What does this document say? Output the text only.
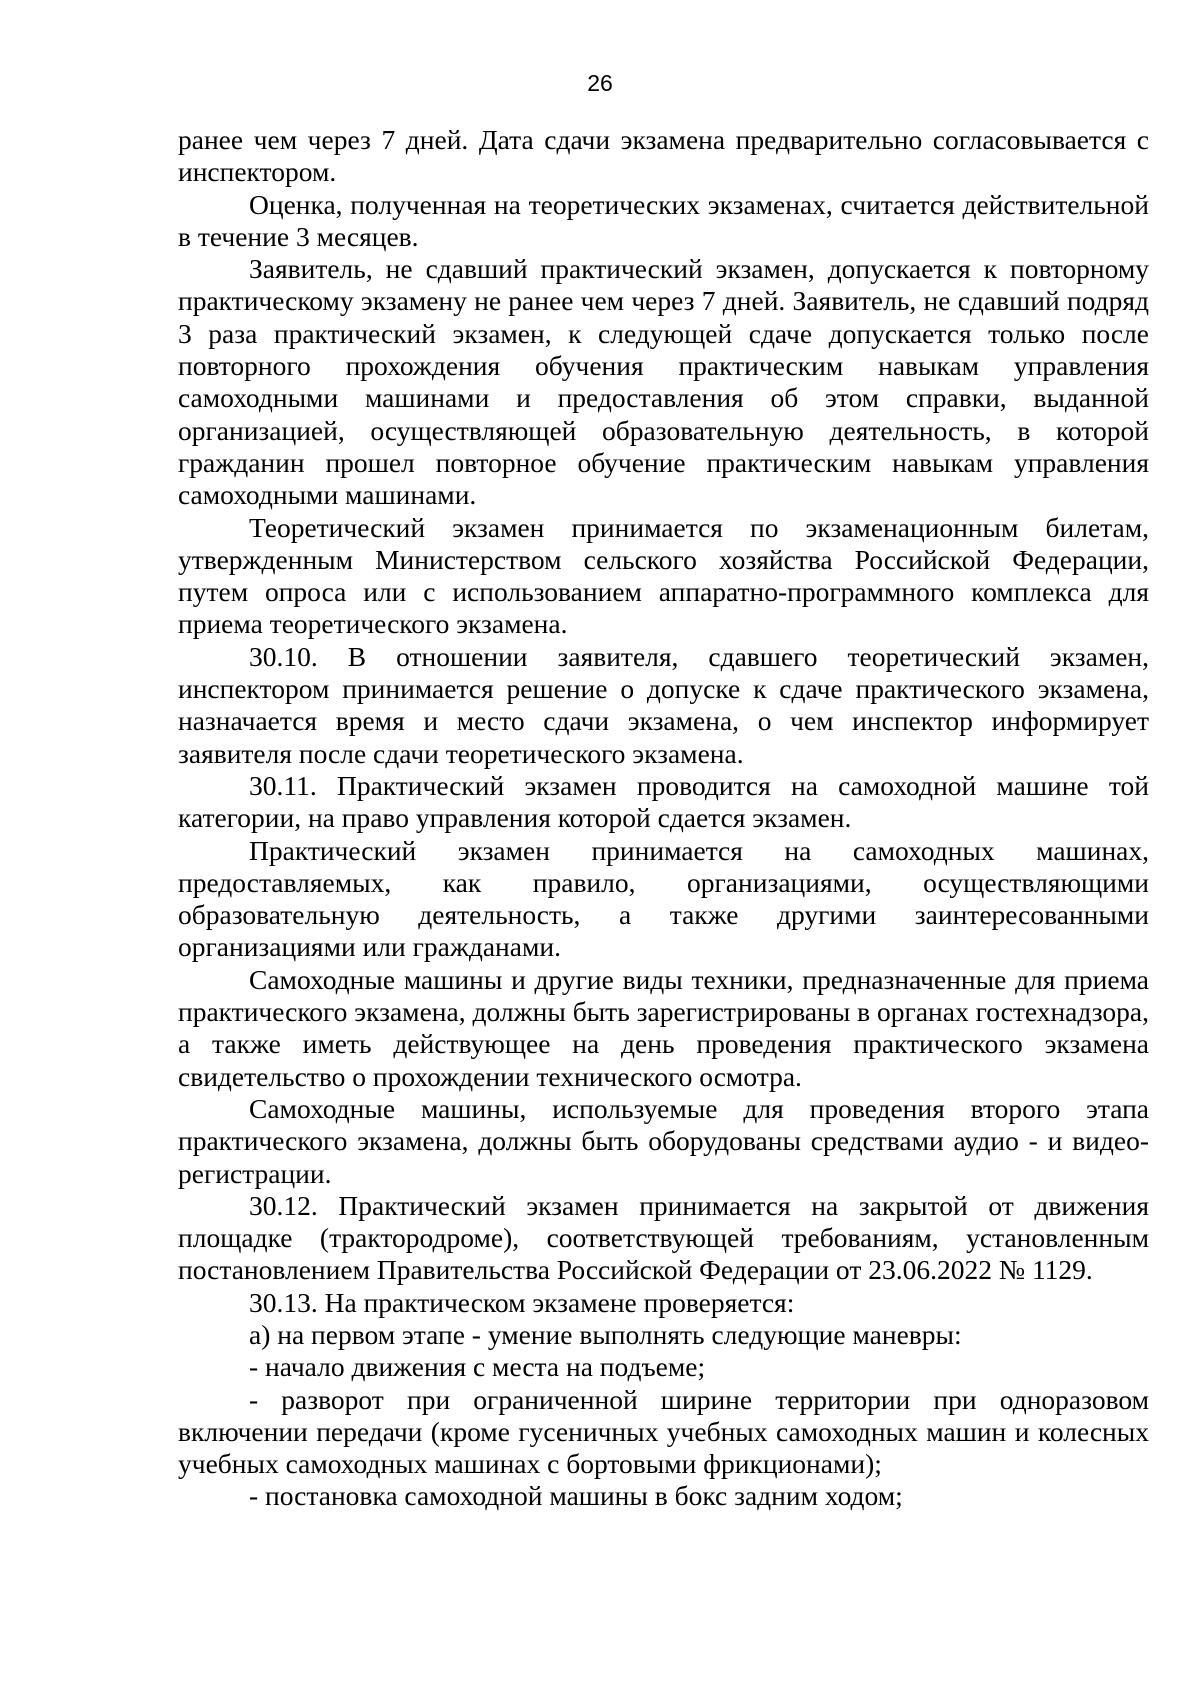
26

ранее чем через 7 дней. Дата сдачи экзамена предварительно согласовывается с инспектором.

Оценка, полученная на теоретических экзаменах, считается действительной в течение 3 месяцев.

Заявитель, не сдавший практический экзамен, допускается к повторному практическому экзамену не ранее чем через 7 дней. Заявитель, не сдавший подряд 3 раза практический экзамен, к следующей сдаче допускается только после повторного прохождения обучения практическим навыкам управления самоходными машинами и предоставления об этом справки, выданной организацией, осуществляющей образовательную деятельность, в которой гражданин прошел повторное обучение практическим навыкам управления самоходными машинами.

Теоретический экзамен принимается по экзаменационным билетам, утвержденным Министерством сельского хозяйства Российской Федерации, путем опроса или с использованием аппаратно-программного комплекса для приема теоретического экзамена.

30.10. В отношении заявителя, сдавшего теоретический экзамен, инспектором принимается решение о допуске к сдаче практического экзамена, назначается время и место сдачи экзамена, о чем инспектор информирует заявителя после сдачи теоретического экзамена.

30.11. Практический экзамен проводится на самоходной машине той категории, на право управления которой сдается экзамен.

Практический экзамен принимается на самоходных машинах, предоставляемых, как правило, организациями, осуществляющими образовательную деятельность, а также другими заинтересованными организациями или гражданами.

Самоходные машины и другие виды техники, предназначенные для приема практического экзамена, должны быть зарегистрированы в органах гостехнадзора, а также иметь действующее на день проведения практического экзамена свидетельство о прохождении технического осмотра.

Самоходные машины, используемые для проведения второго этапа практического экзамена, должны быть оборудованы средствами аудио - и видео-регистрации.

30.12. Практический экзамен принимается на закрытой от движения площадке (трактородроме), соответствующей требованиям, установленным постановлением Правительства Российской Федерации от 23.06.2022 № 1129.

30.13. На практическом экзамене проверяется:

а) на первом этапе - умение выполнять следующие маневры:

- начало движения с места на подъеме;

- разворот при ограниченной ширине территории при одноразовом включении передачи (кроме гусеничных учебных самоходных машин и колесных учебных самоходных машинах с бортовыми фрикционами);

- постановка самоходной машины в бокс задним ходом;
